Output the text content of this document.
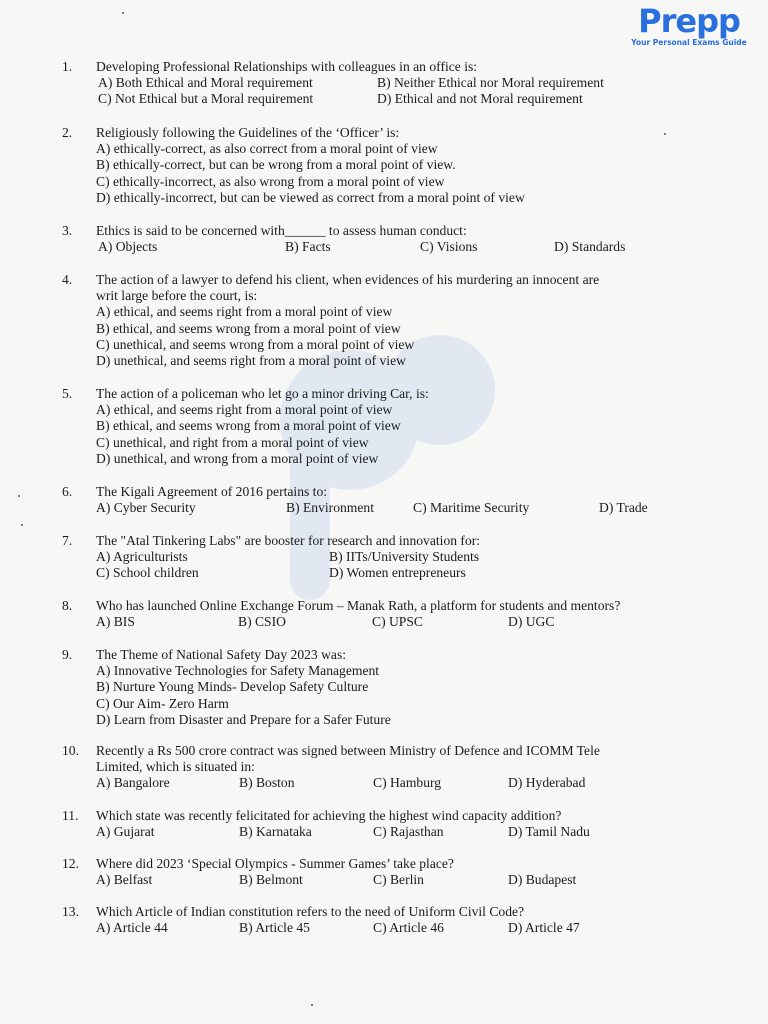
Prepp
Your Personal Exams Guide
1.	Developing Professional Relationships with colleagues in an office is:
A) Both Ethical and Moral requirement	B) Neither Ethical nor Moral requirement
C) Not Ethical but a Moral requirement	D) Ethical and not Moral requirement
2.	Religiously following the Guidelines of the ‘Officer’ is:
A) ethically-correct, as also correct from a moral point of view
B) ethically-correct, but can be wrong from a moral point of view.
C) ethically-incorrect, as also wrong from a moral point of view
D) ethically-incorrect, but can be viewed as correct from a moral point of view
3.	Ethics is said to be concerned with______ to assess human conduct:
A) Objects	B) Facts	C) Visions	D) Standards
4.	The action of a lawyer to defend his client, when evidences of his murdering an innocent are
writ large before the court, is:
A) ethical, and seems right from a moral point of view
B) ethical, and seems wrong from a moral point of view
C) unethical, and seems wrong from a moral point of view
D) unethical, and seems right from a moral point of view
5.	The action of a policeman who let go a minor driving Car, is:
A) ethical, and seems right from a moral point of view
B) ethical, and seems wrong from a moral point of view
C) unethical, and right from a moral point of view
D) unethical, and wrong from a moral point of view
6.	The Kigali Agreement of 2016 pertains to:
A) Cyber Security	B) Environment	C) Maritime Security	D) Trade
7.	The "Atal Tinkering Labs" are booster for research and innovation for:
A) Agriculturists	B) IITs/University Students
C) School children	D) Women entrepreneurs
8.	Who has launched Online Exchange Forum – Manak Rath, a platform for students and mentors?
A) BIS	B) CSIO	C) UPSC	D) UGC
9.	The Theme of National Safety Day 2023 was:
A) Innovative Technologies for Safety Management
B) Nurture Young Minds- Develop Safety Culture
C) Our Aim- Zero Harm
D) Learn from Disaster and Prepare for a Safer Future
10.	Recently a Rs 500 crore contract was signed between Ministry of Defence and ICOMM Tele
Limited, which is situated in:
A) Bangalore	B) Boston	C) Hamburg	D) Hyderabad
11.	Which state was recently felicitated for achieving the highest wind capacity addition?
A) Gujarat	B) Karnataka	C) Rajasthan	D) Tamil Nadu
12.	Where did 2023 ‘Special Olympics - Summer Games’ take place?
A) Belfast	B) Belmont	C) Berlin	D) Budapest
13.	Which Article of Indian constitution refers to the need of Uniform Civil Code?
A) Article 44	B) Article 45	C) Article 46	D) Article 47
